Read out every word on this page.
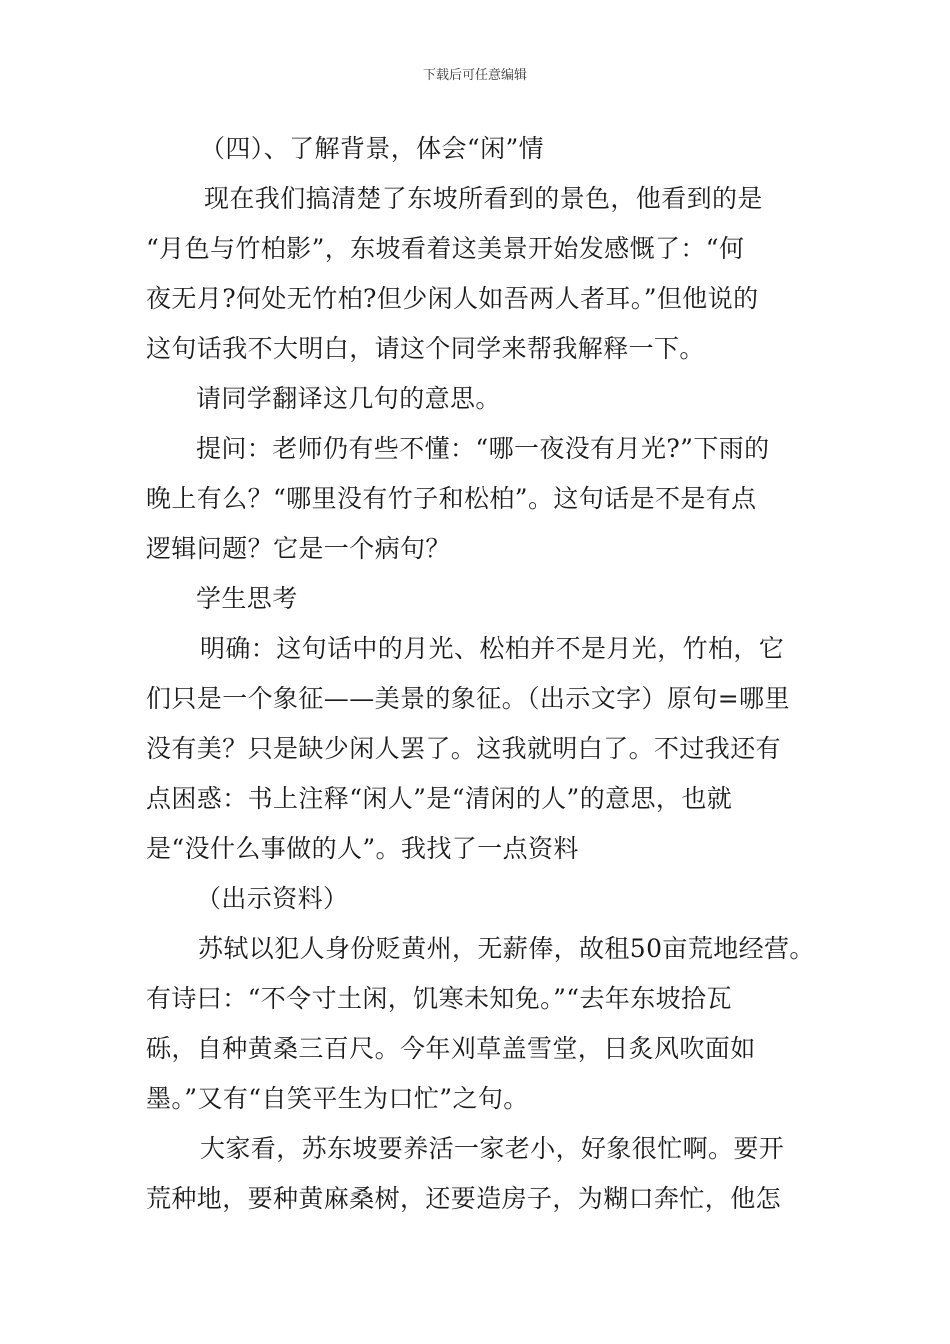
下载后可任意编辑
（四）、了解背景，体会“闲”情
现在我们搞清楚了东坡所看到的景色，他看到的是
“月色与竹柏影”，东坡看着这美景开始发感慨了：“何
夜无月?何处无竹柏?但少闲人如吾两人者耳。”但他说的
这句话我不大明白，请这个同学来帮我解释一下。
请同学翻译这几句的意思。
提问：老师仍有些不懂：“哪一夜没有月光?”下雨的
晚上有么？“哪里没有竹子和松柏”。这句话是不是有点
逻辑问题？它是一个病句？
学生思考
明确：这句话中的月光、松柏并不是月光，竹柏，它
们只是一个象征——美景的象征。（出示文字）原句=哪里
没有美？只是缺少闲人罢了。这我就明白了。不过我还有
点困惑：书上注释“闲人”是“清闲的人”的意思，也就
是“没什么事做的人”。我找了一点资料
（出示资料）
苏轼以犯人身份贬黄州，无薪俸，故租50亩荒地经营。
有诗曰：“不令寸土闲，饥寒未知免。”“去年东坡拾瓦
砾，自种黄桑三百尺。今年刈草盖雪堂，日炙风吹面如
墨。”又有“自笑平生为口忙”之句。
大家看，苏东坡要养活一家老小，好象很忙啊。要开
荒种地，要种黄麻桑树，还要造房子，为糊口奔忙，他怎
